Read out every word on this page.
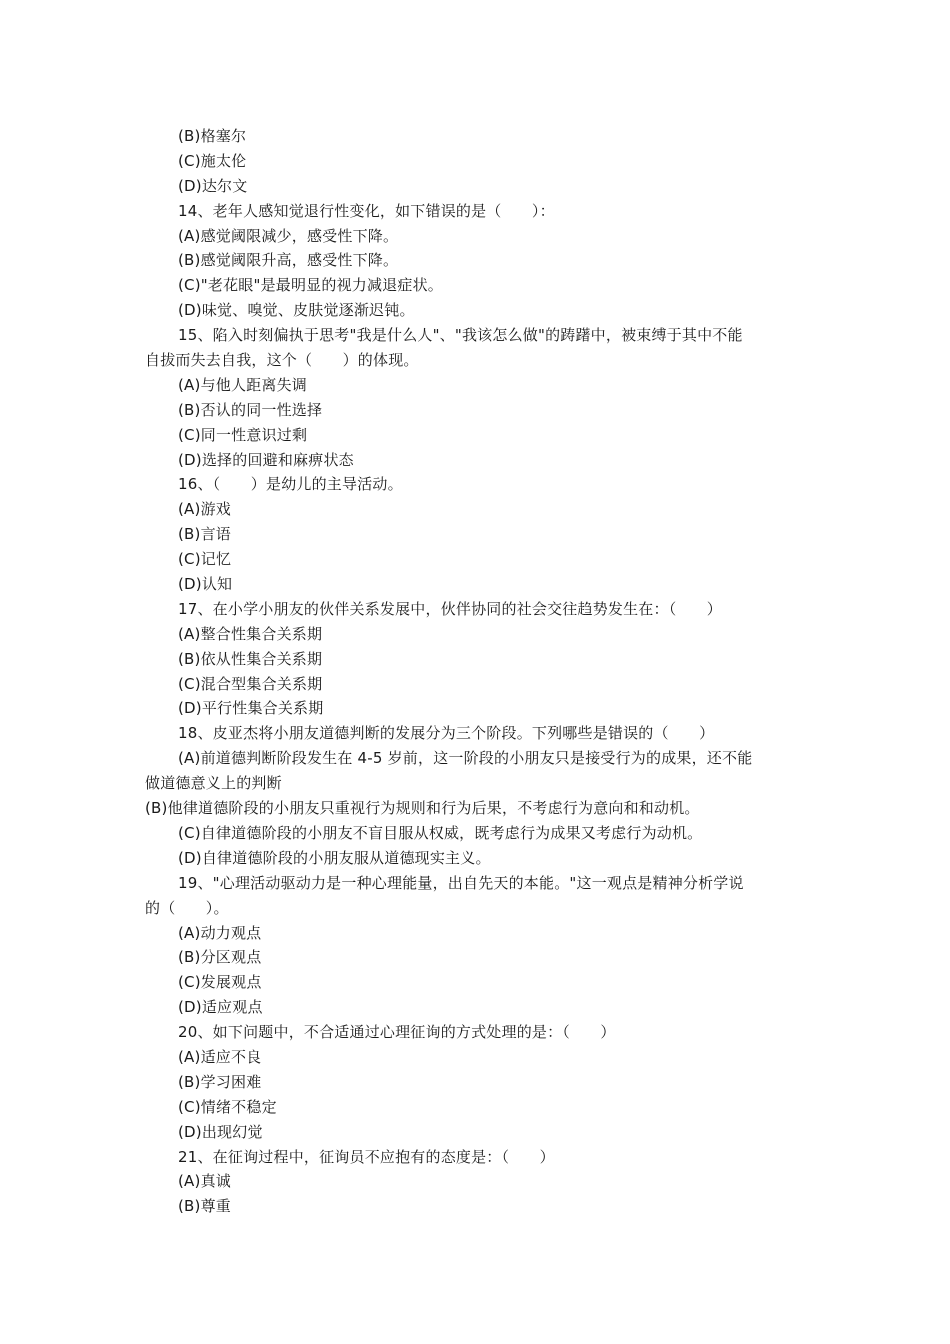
(B)格塞尔
(C)施太伦
(D)达尔文
14、老年人感知觉退行性变化，如下错误的是（　　）：
(A)感觉阈限减少，感受性下降。
(B)感觉阈限升高，感受性下降。
(C)"老花眼"是最明显的视力减退症状。
(D)味觉、嗅觉、皮肤觉逐渐迟钝。
15、陷入时刻偏执于思考"我是什么人"、"我该怎么做"的踌躇中，被束缚于其中不能
自拔而失去自我，这个（　　）的体现。
(A)与他人距离失调
(B)否认的同一性选择
(C)同一性意识过剩
(D)选择的回避和麻痹状态
16、（　　）是幼儿的主导活动。
(A)游戏
(B)言语
(C)记忆
(D)认知
17、在小学小朋友的伙伴关系发展中，伙伴协同的社会交往趋势发生在：（　　）
(A)整合性集合关系期
(B)依从性集合关系期
(C)混合型集合关系期
(D)平行性集合关系期
18、皮亚杰将小朋友道德判断的发展分为三个阶段。下列哪些是错误的（　　）
(A)前道德判断阶段发生在 4-5 岁前，这一阶段的小朋友只是接受行为的成果，还不能
做道德意义上的判断
(B)他律道德阶段的小朋友只重视行为规则和行为后果，不考虑行为意向和和动机。
(C)自律道德阶段的小朋友不盲目服从权威，既考虑行为成果又考虑行为动机。
(D)自律道德阶段的小朋友服从道德现实主义。
19、"心理活动驱动力是一种心理能量，出自先天的本能。"这一观点是精神分析学说
的（　　）。
(A)动力观点
(B)分区观点
(C)发展观点
(D)适应观点
20、如下问题中，不合适通过心理征询的方式处理的是：（　　）
(A)适应不良
(B)学习困难
(C)情绪不稳定
(D)出现幻觉
21、在征询过程中，征询员不应抱有的态度是：（　　）
(A)真诚
(B)尊重
